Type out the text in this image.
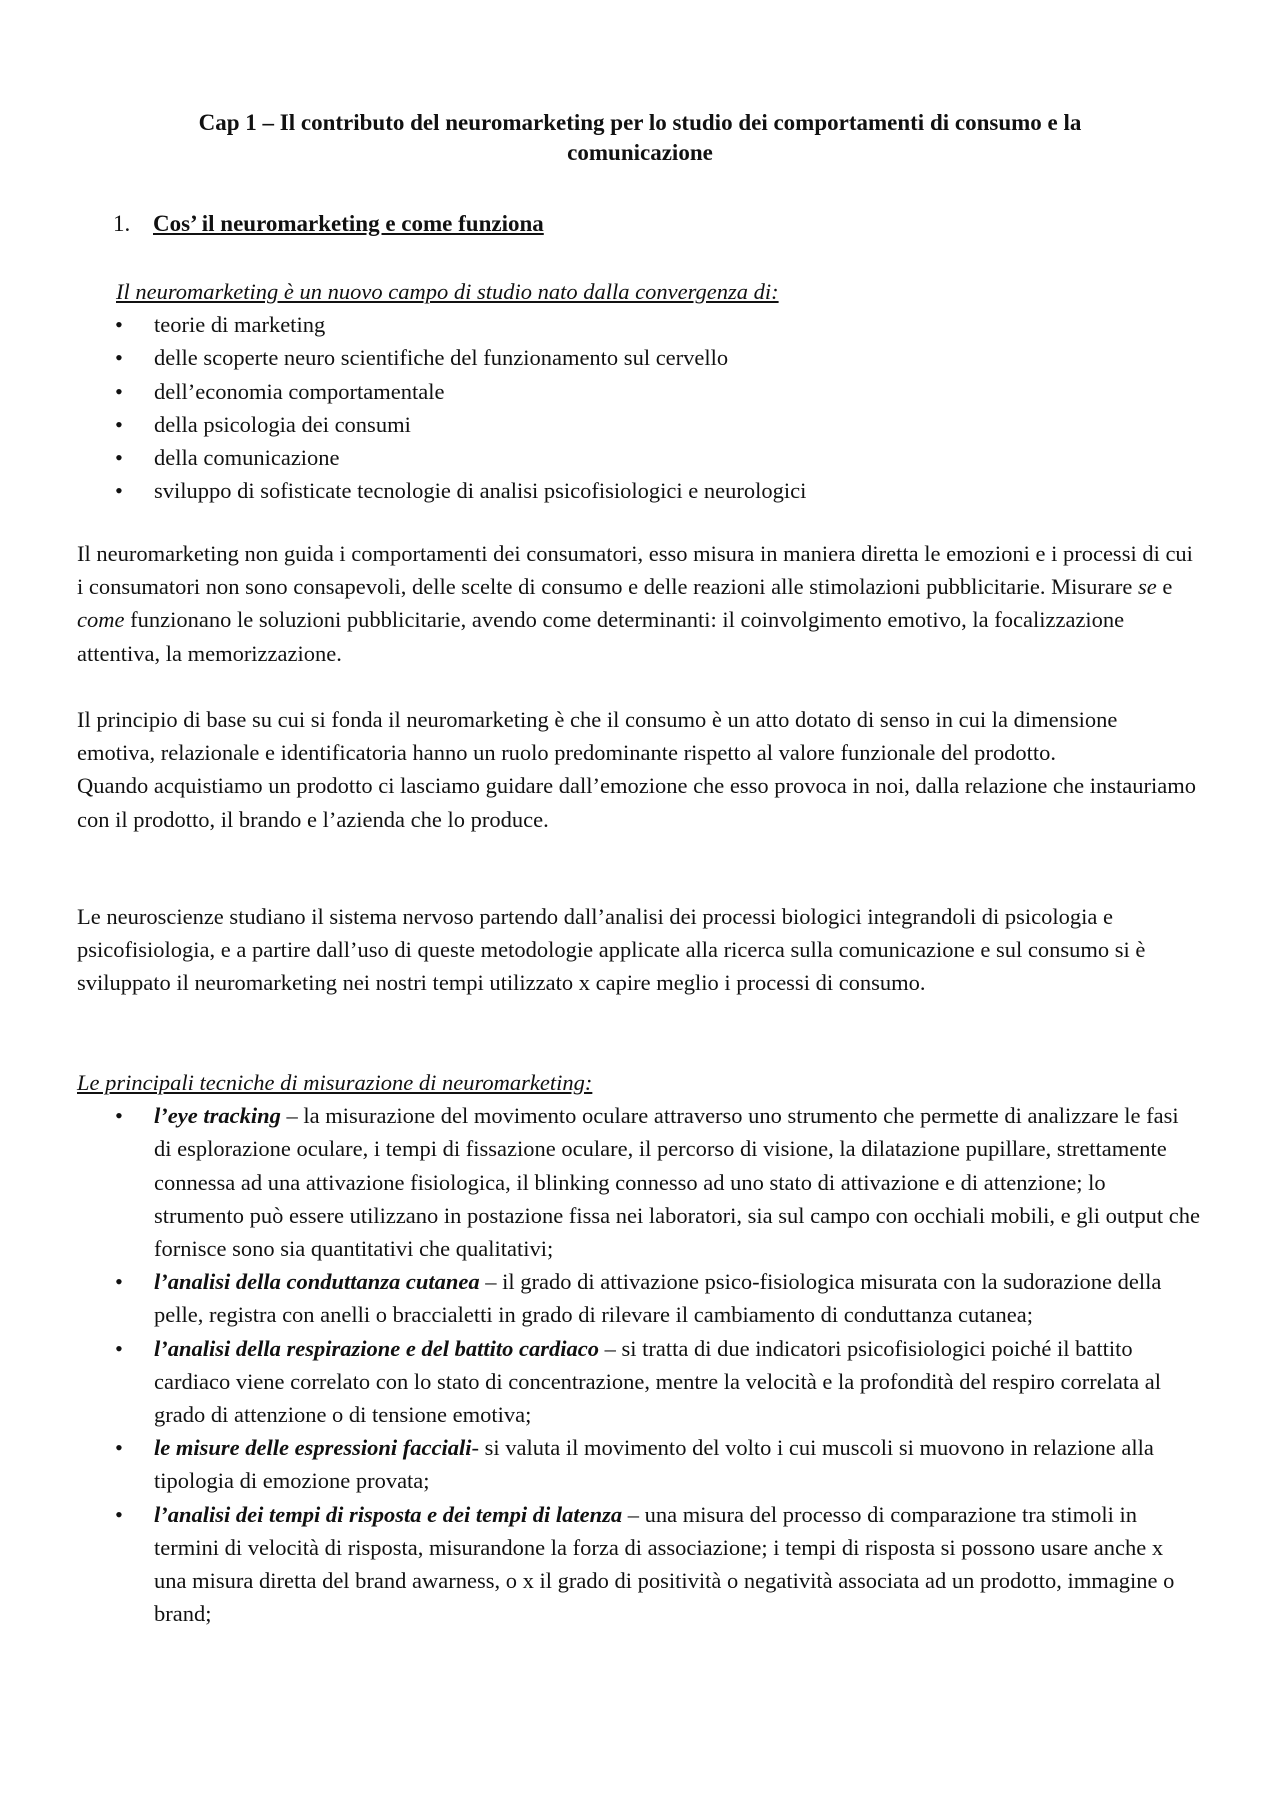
Cap 1 – Il contributo del neuromarketing per lo studio dei comportamenti di consumo e la comunicazione
1. Cos’ il neuromarketing e come funziona
Il neuromarketing è un nuovo campo di studio nato dalla convergenza di:
• teorie di marketing
• delle scoperte neuro scientifiche del funzionamento sul cervello
• dell’economia comportamentale
• della psicologia dei consumi
• della comunicazione
• sviluppo di sofisticate tecnologie di analisi psicofisiologici e neurologici

Il neuromarketing non guida i comportamenti dei consumatori, esso misura in maniera diretta le emozioni e i processi di cui i consumatori non sono consapevoli, delle scelte di consumo e delle reazioni alle stimolazioni pubblicitarie. Misurare se e come funzionano le soluzioni pubblicitarie, avendo come determinanti: il coinvolgimento emotivo, la focalizzazione attentiva, la memorizzazione.

Il principio di base su cui si fonda il neuromarketing è che il consumo è un atto dotato di senso in cui la dimensione emotiva, relazionale e identificatoria hanno un ruolo predominante rispetto al valore funzionale del prodotto.

Quando acquistiamo un prodotto ci lasciamo guidare dall’emozione che esso provoca in noi, dalla relazione che instauriamo con il prodotto, il brando e l’azienda che lo produce.

Le neuroscienze studiano il sistema nervoso partendo dall’analisi dei processi biologici integrandoli di psicologia e psicofisiologia, e a partire dall’uso di queste metodologie applicate alla ricerca sulla comunicazione e sul consumo si è sviluppato il neuromarketing nei nostri tempi utilizzato x capire meglio i processi di consumo.

Le principali tecniche di misurazione di neuromarketing:
• l’eye tracking – la misurazione del movimento oculare attraverso uno strumento che permette di analizzare le fasi di esplorazione oculare, i tempi di fissazione oculare, il percorso di visione, la dilatazione pupillare, strettamente connessa ad una attivazione fisiologica, il blinking connesso ad uno stato di attivazione e di attenzione; lo strumento può essere utilizzano in postazione fissa nei laboratori, sia sul campo con occhiali mobili, e gli output che fornisce sono sia quantitativi che qualitativi;
• l’analisi della conduttanza cutanea – il grado di attivazione psico-fisiologica misurata con la sudorazione della pelle, registra con anelli o braccialetti in grado di rilevare il cambiamento di conduttanza cutanea;
• l’analisi della respirazione e del battito cardiaco – si tratta di due indicatori psicofisiologici poiché il battito cardiaco viene correlato con lo stato di concentrazione, mentre la velocità e la profondità del respiro correlata al grado di attenzione o di tensione emotiva;
• le misure delle espressioni facciali- si valuta il movimento del volto i cui muscoli si muovono in relazione alla tipologia di emozione provata;
• l’analisi dei tempi di risposta e dei tempi di latenza – una misura del processo di comparazione tra stimoli in termini di velocità di risposta, misurandone la forza di associazione; i tempi di risposta si possono usare anche x una misura diretta del brand awarness, o x il grado di positività o negatività associata ad un prodotto, immagine o brand;
